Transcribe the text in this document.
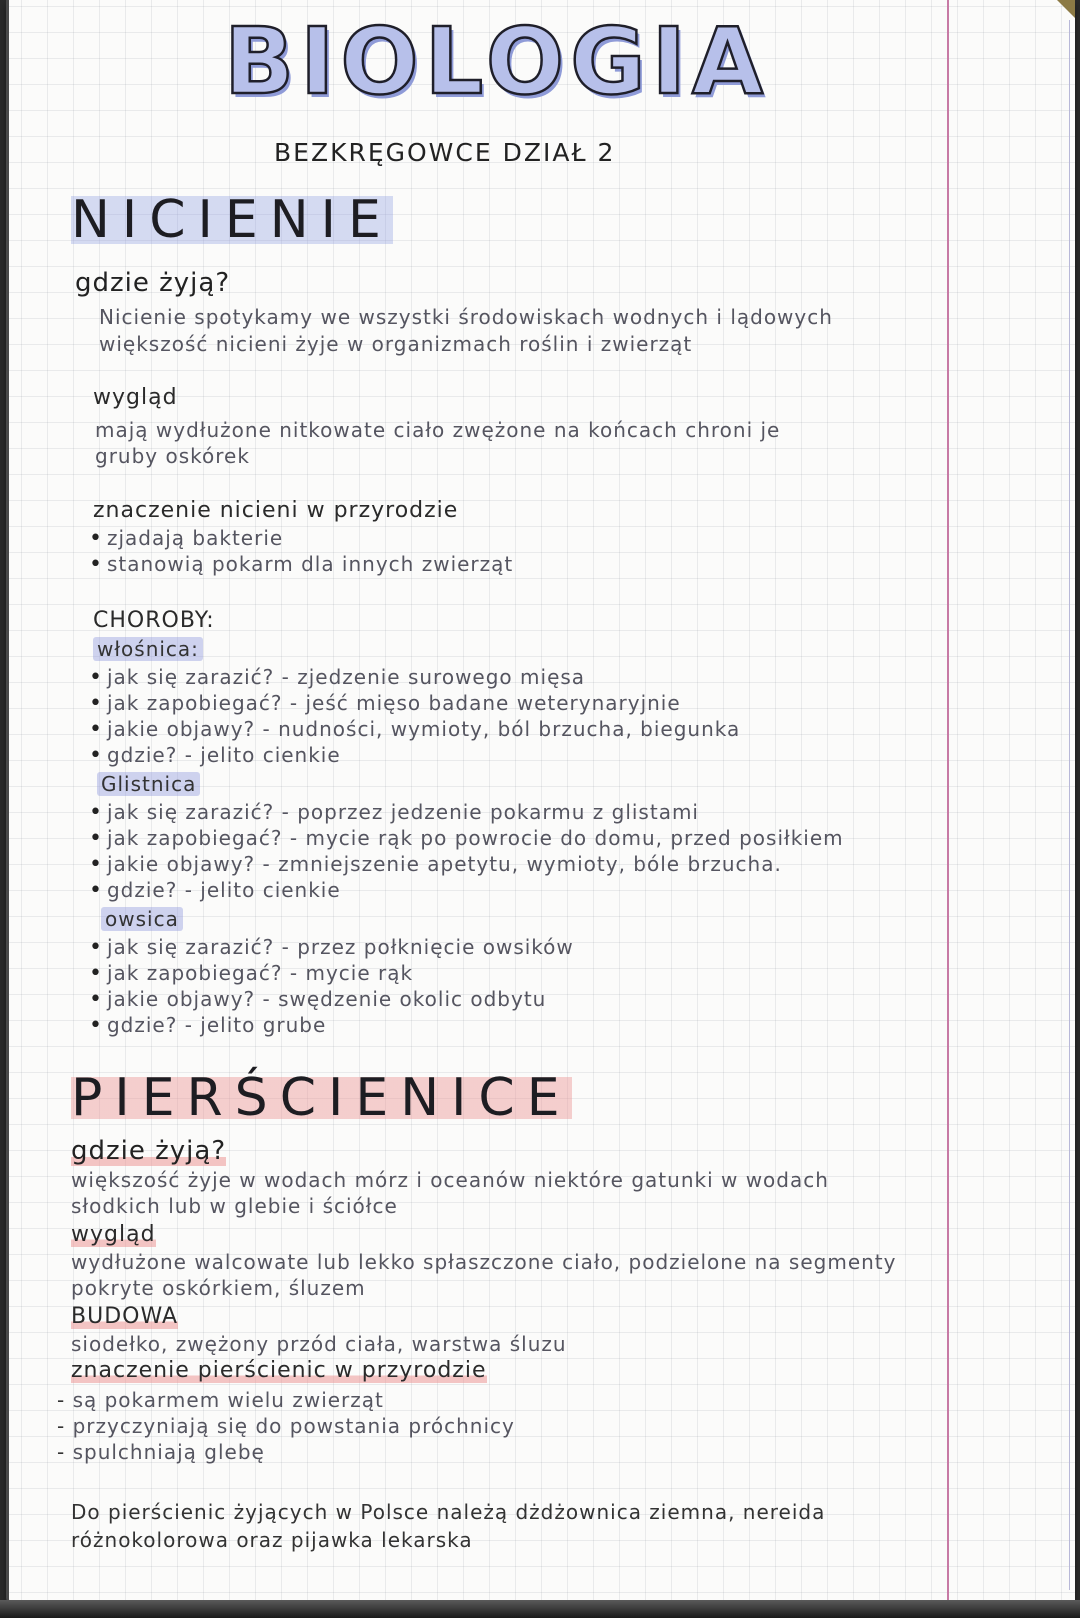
BIOLOGIA
BEZKRĘGOWCE DZIAŁ 2
NICIENIE
gdzie żyją?
Nicienie spotykamy we wszystki środowiskach wodnych i lądowych
większość nicieni żyje w organizmach roślin i zwierząt
wygląd
mają wydłużone nitkowate ciało zwężone na końcach chroni je
gruby oskórek
znaczenie nicieni w przyrodzie
• zjadają bakterie
• stanowią pokarm dla innych zwierząt
CHOROBY:
włośnica:
• jak się zarazić? - zjedzenie surowego mięsa
• jak zapobiegać? - jeść mięso badane weterynaryjnie
• jakie objawy? - nudności, wymioty, ból brzucha, biegunka
• gdzie? - jelito cienkie
Glistnica
• jak się zarazić? - poprzez jedzenie pokarmu z glistami
• jak zapobiegać? - mycie rąk po powrocie do domu, przed posiłkiem
• jakie objawy? - zmniejszenie apetytu, wymioty, bóle brzucha.
• gdzie? - jelito cienkie
owsica
• jak się zarazić? - przez połknięcie owsików
• jak zapobiegać? - mycie rąk
• jakie objawy? - swędzenie okolic odbytu
• gdzie? - jelito grube
PIERŚCIENICE
gdzie żyją?
większość żyje w wodach mórz i oceanów niektóre gatunki w wodach
słodkich lub w glebie i ściółce
wygląd
wydłużone walcowate lub lekko spłaszczone ciało, podzielone na segmenty
pokryte oskórkiem, śluzem
BUDOWA
siodełko, zwężony przód ciała, warstwa śluzu
znaczenie pierścienic w przyrodzie
- są pokarmem wielu zwierząt
- przyczyniają się do powstania próchnicy
- spulchniają glebę
Do pierścienic żyjących w Polsce należą dżdżownica ziemna, nereida
różnokolorowa oraz pijawka lekarska
